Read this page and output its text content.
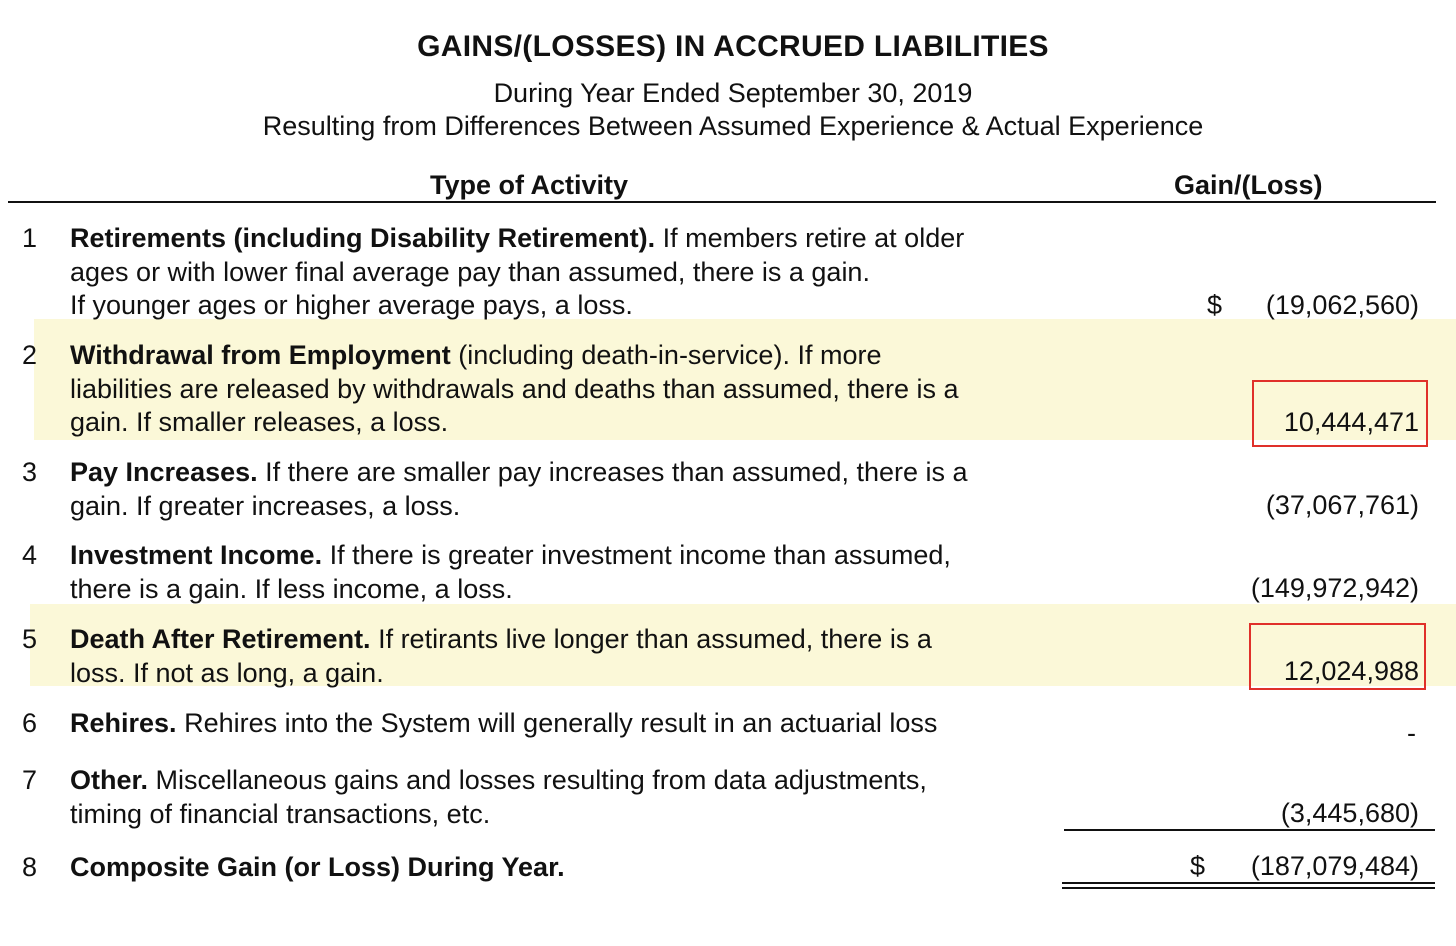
GAINS/(LOSSES) IN ACCRUED LIABILITIES
During Year Ended September 30, 2019
Resulting from Differences Between Assumed Experience & Actual Experience
Type of Activity	Gain/(Loss)
1 Retirements (including Disability Retirement). If members retire at older
ages or with lower final average pay than assumed, there is a gain.
If younger ages or higher average pays, a loss.	$ (19,062,560)
2 Withdrawal from Employment (including death-in-service). If more
liabilities are released by withdrawals and deaths than assumed, there is a
gain. If smaller releases, a loss.	10,444,471
3 Pay Increases. If there are smaller pay increases than assumed, there is a
gain. If greater increases, a loss.	(37,067,761)
4 Investment Income. If there is greater investment income than assumed,
there is a gain. If less income, a loss.	(149,972,942)
5 Death After Retirement. If retirants live longer than assumed, there is a
loss. If not as long, a gain.	12,024,988
6 Rehires. Rehires into the System will generally result in an actuarial loss	-
7 Other. Miscellaneous gains and losses resulting from data adjustments,
timing of financial transactions, etc.	(3,445,680)
8 Composite Gain (or Loss) During Year.	$ (187,079,484)
